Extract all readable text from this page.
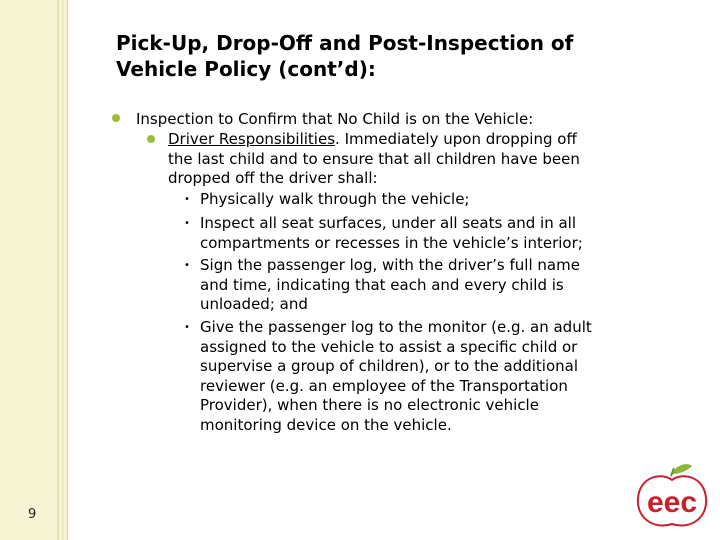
Pick-Up, Drop-Off and Post-Inspection of
Vehicle Policy (cont’d):
Inspection to Confirm that No Child is on the Vehicle:
Driver Responsibilities. Immediately upon dropping off
the last child and to ensure that all children have been
dropped off the driver shall:
• Physically walk through the vehicle;
• Inspect all seat surfaces, under all seats and in all
compartments or recesses in the vehicle’s interior;
• Sign the passenger log, with the driver’s full name
and time, indicating that each and every child is
unloaded; and
• Give the passenger log to the monitor (e.g. an adult
assigned to the vehicle to assist a specific child or
supervise a group of children), or to the additional
reviewer (e.g. an employee of the Transportation
Provider), when there is no electronic vehicle
monitoring device on the vehicle.
9	eec
